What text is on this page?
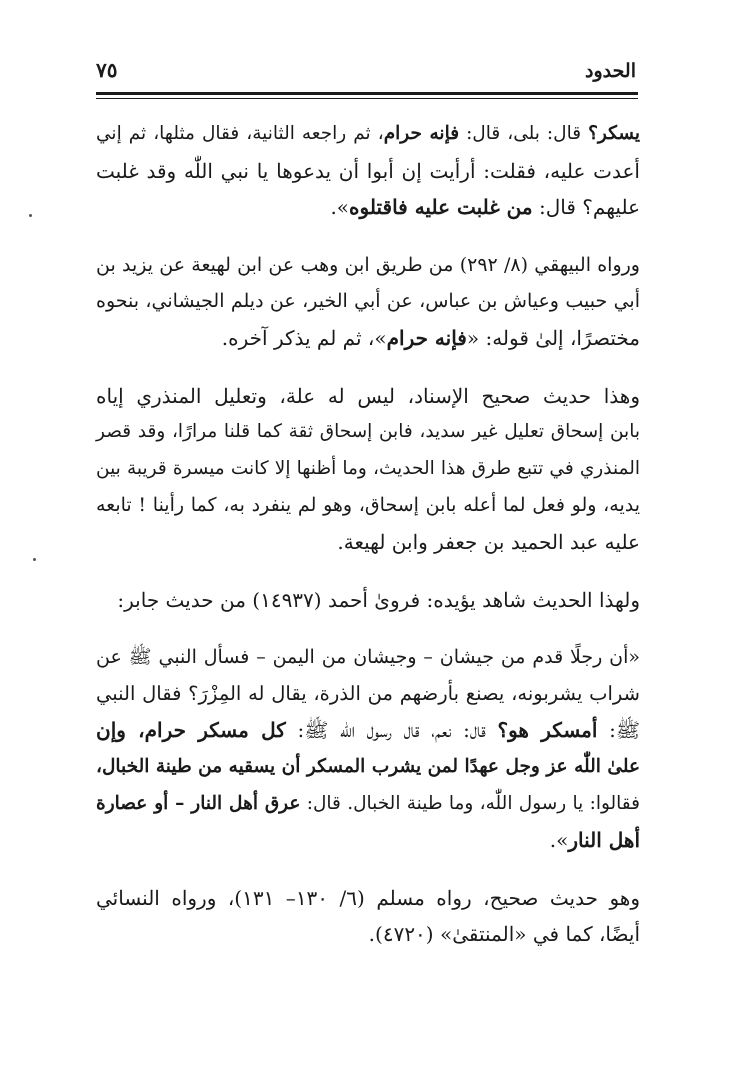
الحدود
٧٥
يسكر؟ قال: بلى، قال: فإنه حرام، ثم راجعه الثانية، فقال مثلها، ثم إني
أعدت عليه، فقلت: أرأيت إن أبوا أن يدعوها يا نبي اللّٰه وقد غلبت
عليهم؟ قال: من غلبت عليه فاقتلوه».
ورواه البيهقي (٨/ ٢٩٢) من طريق ابن وهب عن ابن لهيعة عن يزيد بن
أبي حبيب وعياش بن عباس، عن أبي الخير، عن ديلم الجيشاني، بنحوه
مختصرًا، إلىٰ قوله: «فإنه حرام»، ثم لم يذكر آخره.
وهذا حديث صحيح الإسناد، ليس له علة، وتعليل المنذري إياه
بابن إسحاق تعليل غير سديد، فابن إسحاق ثقة كما قلنا مرارًا، وقد قصر
المنذري في تتبع طرق هذا الحديث، وما أظنها إلا كانت ميسرة قريبة بين
يديه، ولو فعل لما أعله بابن إسحاق، وهو لم ينفرد به، كما رأينا ! تابعه
عليه عبد الحميد بن جعفر وابن لهيعة.
ولهذا الحديث شاهد يؤيده: فروىٰ أحمد (١٤٩٣٧) من حديث جابر:
«أن رجلًا قدم من جيشان – وجيشان من اليمن – فسأل النبي ﷺ عن
شراب يشربونه، يصنع بأرضهم من الذرة، يقال له المِزْرَ؟ فقال النبي
ﷺ: أمسكر هو؟ قال: نعم، قال رسول اللّٰه ﷺ: كل مسكر حرام، وإن
علىٰ اللّٰه عز وجل عهدًا لمن يشرب المسكر أن يسقيه من طينة الخبال،
فقالوا: يا رسول اللّٰه، وما طينة الخبال. قال: عرق أهل النار – أو عصارة
أهل النار».
وهو حديث صحيح، رواه مسلم (٦/ ١٣٠– ١٣١)، ورواه النسائي
أيضًا، كما في «المنتقىٰ» (٤٧٢٠).
